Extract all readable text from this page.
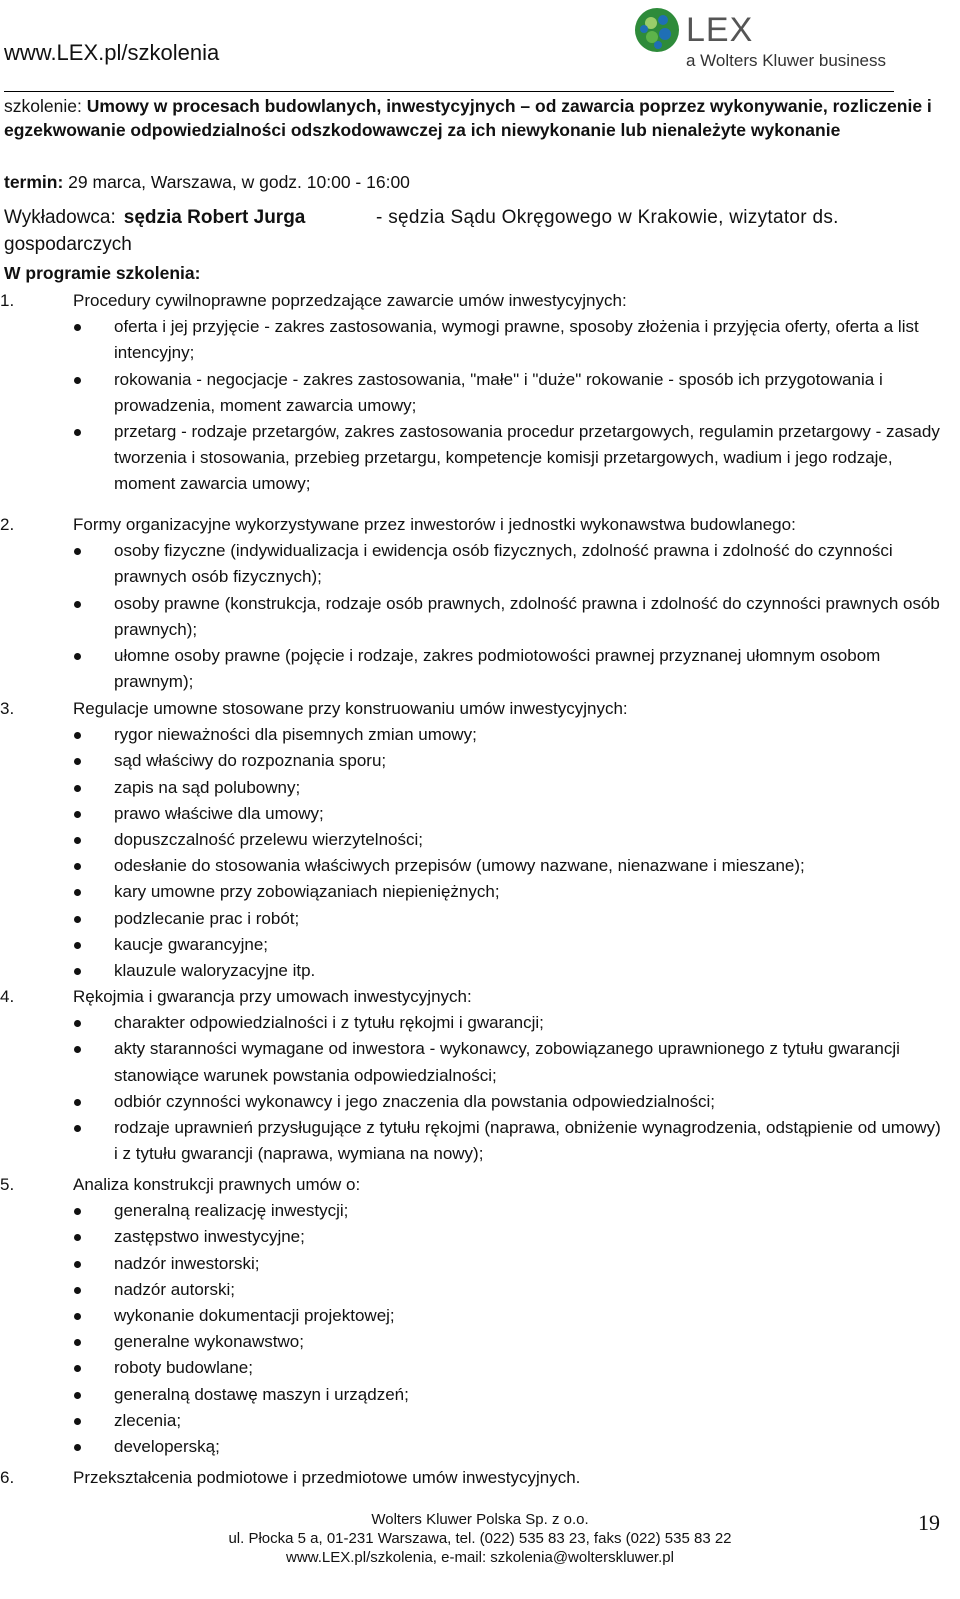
www.LEX.pl/szkolenia
LEX
a Wolters Kluwer business
szkolenie: Umowy w procesach budowlanych, inwestycyjnych – od zawarcia poprzez wykonywanie, rozliczenie i egzekwowanie odpowiedzialności odszkodowawczej za ich niewykonanie lub nienależyte wykonanie
termin: 29 marca, Warszawa, w godz. 10:00 - 16:00
Wykładowca: sędzia Robert Jurga	- sędzia Sądu Okręgowego w Krakowie, wizytator ds.
gospodarczych
W programie szkolenia:
1.	Procedury cywilnoprawne poprzedzające zawarcie umów inwestycyjnych:
oferta i jej przyjęcie - zakres zastosowania, wymogi prawne, sposoby złożenia i przyjęcia oferty, oferta a list intencyjny;
rokowania - negocjacje - zakres zastosowania, "małe" i "duże" rokowanie - sposób ich przygotowania i prowadzenia, moment zawarcia umowy;
przetarg - rodzaje przetargów, zakres zastosowania procedur przetargowych, regulamin przetargowy - zasady tworzenia i stosowania, przebieg przetargu, kompetencje komisji przetargowych, wadium i jego rodzaje, moment zawarcia umowy;
2.	Formy organizacyjne wykorzystywane przez inwestorów i jednostki wykonawstwa budowlanego:
osoby fizyczne (indywidualizacja i ewidencja osób fizycznych, zdolność prawna i zdolność do czynności prawnych osób fizycznych);
osoby prawne (konstrukcja, rodzaje osób prawnych, zdolność prawna i zdolność do czynności prawnych osób prawnych);
ułomne osoby prawne (pojęcie i rodzaje, zakres podmiotowości prawnej przyznanej ułomnym osobom prawnym);
3.	Regulacje umowne stosowane przy konstruowaniu umów inwestycyjnych:
rygor nieważności dla pisemnych zmian umowy;
sąd właściwy do rozpoznania sporu;
zapis na sąd polubowny;
prawo właściwe dla umowy;
dopuszczalność przelewu wierzytelności;
odesłanie do stosowania właściwych przepisów (umowy nazwane, nienazwane i mieszane);
kary umowne przy zobowiązaniach niepieniężnych;
podzlecanie prac i robót;
kaucje gwarancyjne;
klauzule waloryzacyjne itp.
4.	Rękojmia i gwarancja przy umowach inwestycyjnych:
charakter odpowiedzialności i z tytułu rękojmi i gwarancji;
akty staranności wymagane od inwestora - wykonawcy, zobowiązanego uprawnionego z tytułu gwarancji stanowiące warunek powstania odpowiedzialności;
odbiór czynności wykonawcy i jego znaczenia dla powstania odpowiedzialności;
rodzaje uprawnień przysługujące z tytułu rękojmi (naprawa, obniżenie wynagrodzenia, odstąpienie od umowy) i z tytułu gwarancji (naprawa, wymiana na nowy);
5.	Analiza konstrukcji prawnych umów o:
generalną realizację inwestycji;
zastępstwo inwestycyjne;
nadzór inwestorski;
nadzór autorski;
wykonanie dokumentacji projektowej;
generalne wykonawstwo;
roboty budowlane;
generalną dostawę maszyn i urządzeń;
zlecenia;
developerską;
6.	Przekształcenia podmiotowe i przedmiotowe umów inwestycyjnych.
Wolters Kluwer Polska Sp. z o.o.
ul. Płocka 5 a, 01-231 Warszawa, tel. (022) 535 83 23, faks (022) 535 83 22
www.LEX.pl/szkolenia, e-mail: szkolenia@wolterskluwer.pl
19
